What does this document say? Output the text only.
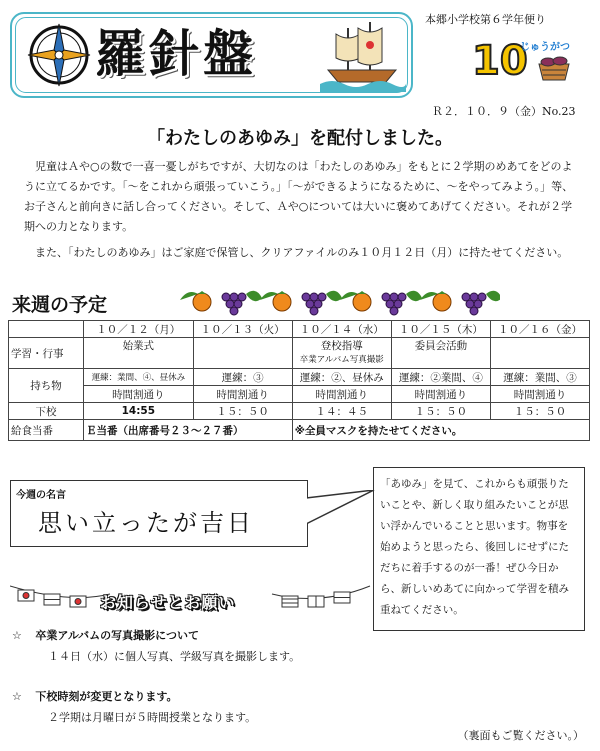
羅針盤
本郷小学校第６学年便り
10
じゅうがつ
Ｒ２．１０．９（金）No.23
「わたしのあゆみ」を配付しました。
児童はＡや○の数で一喜一憂しがちですが、大切なのは「わたしのあゆみ」をもとに２学期のめあてをどのように立てるかです。「～をこれから頑張っていこう。」「～ができるようになるために、～をやってみよう。」等、お子さんと前向きに話し合ってください。そして、Ａや○については大いに褒めてあげてください。それが２学期への力となります。
また、「わたしのあゆみ」はご家庭で保管し、クリアファイルのみ１０月１２日（月）に持たせてください。
来週の予定
	１０／１２（月）	１０／１３（火）	１０／１４（水）	１０／１５（木）	１０／１６（金）
学習・行事	始業式		登校指導
卒業アルバム写真撮影	委員会活動	

持ち物	運練：業間、④、昼休み	運練：③	運練：②、昼休み	運練：②業間、④	運練：業間、③
	時間割通り	時間割通り	時間割通り	時間割通り	時間割通り
下校	14:55	１５：５０	１４：４５	１５：５０	１５：５０
給食当番	Ｅ当番（出席番号２３～２７番）		※全員マスクを持たせてください。		
今週の名言
思い立ったが吉日
「あゆみ」を見て、これからも頑張りたいことや、新しく取り組みたいことが思い浮かんでいることと思います。物事を始めようと思ったら、後回しにせずにただちに着手するのが一番！ぜひ今日から、新しいめあてに向かって学習を積み重ねてください。
お知らせとお願い
☆ 卒業アルバムの写真撮影について
１４日（水）に個人写真、学級写真を撮影します。
☆ 下校時刻が変更となります。
２学期は月曜日が５時間授業となります。
（裏面もご覧ください。）
